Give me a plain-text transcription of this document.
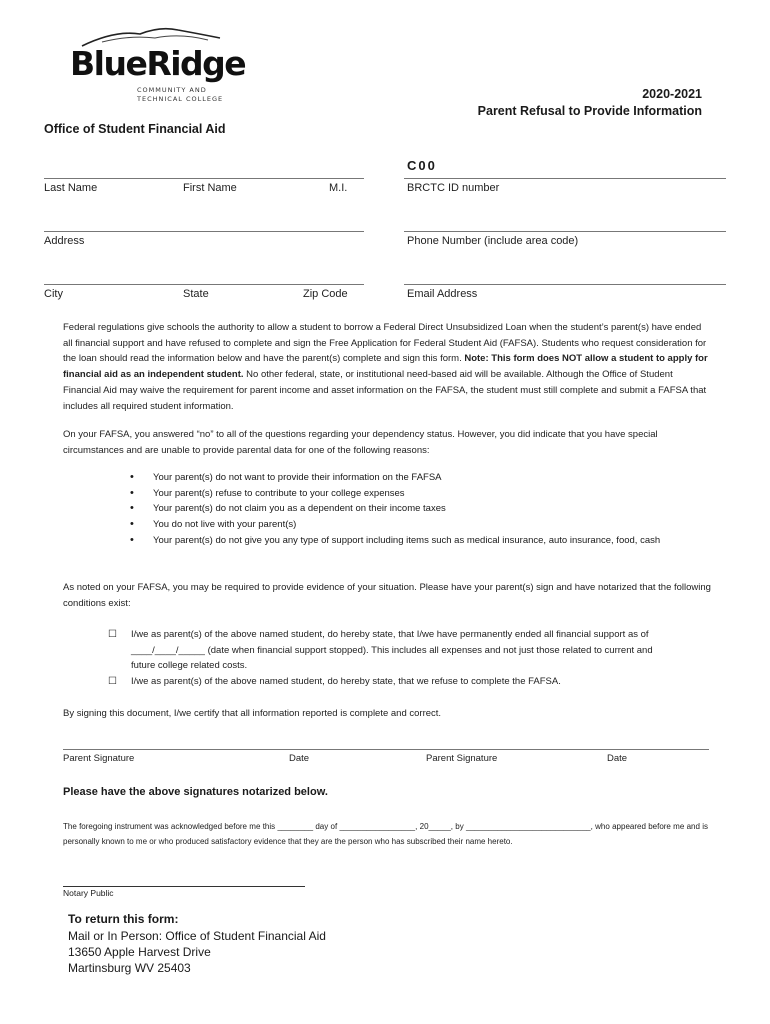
BlueRidge
COMMUNITY AND
TECHNICAL COLLEGE	2020-2021
Parent Refusal to Provide Information
Office of Student Financial Aid
C00
Last Name	First Name	M.I.	BRCTC ID number
Address	Phone Number (include area code)
City	State	Zip Code	Email Address
Federal regulations give schools the authority to allow a student to borrow a Federal Direct Unsubsidized Loan when the student’s parent(s) have ended all financial support and have refused to complete and sign the Free Application for Federal Student Aid (FAFSA). Students who request consideration for the loan should read the information below and have the parent(s) complete and sign this form. Note: This form does NOT allow a student to apply for financial aid as an independent student. No other federal, state, or institutional need-based aid will be available. Although the Office of Student Financial Aid may waive the requirement for parent income and asset information on the FAFSA, the student must still complete and submit a FAFSA that includes all required student information.
On your FAFSA, you answered “no” to all of the questions regarding your dependency status. However, you did indicate that you have special circumstances and are unable to provide parental data for one of the following reasons:
• Your parent(s) do not want to provide their information on the FAFSA
• Your parent(s) refuse to contribute to your college expenses
• Your parent(s) do not claim you as a dependent on their income taxes
• You do not live with your parent(s)
• Your parent(s) do not give you any type of support including items such as medical insurance, auto insurance, food, cash
As noted on your FAFSA, you may be required to provide evidence of your situation. Please have your parent(s) sign and have notarized that the following conditions exist:
☐ I/we as parent(s) of the above named student, do hereby state, that I/we have permanently ended all financial support as of ____/____/_____ (date when financial support stopped). This includes all expenses and not just those related to current and future college related costs.
☐ I/we as parent(s) of the above named student, do hereby state, that we refuse to complete the FAFSA.
By signing this document, I/we certify that all information reported is complete and correct.
Parent Signature	Date	Parent Signature	Date
Please have the above signatures notarized below.
The foregoing instrument was acknowledged before me this ________ day of _________________, 20_____, by ____________________________, who appeared before me and is personally known to me or who produced satisfactory evidence that they are the person who has subscribed their name hereto.
Notary Public
To return this form:
Mail or In Person: Office of Student Financial Aid
13650 Apple Harvest Drive
Martinsburg WV 25403
